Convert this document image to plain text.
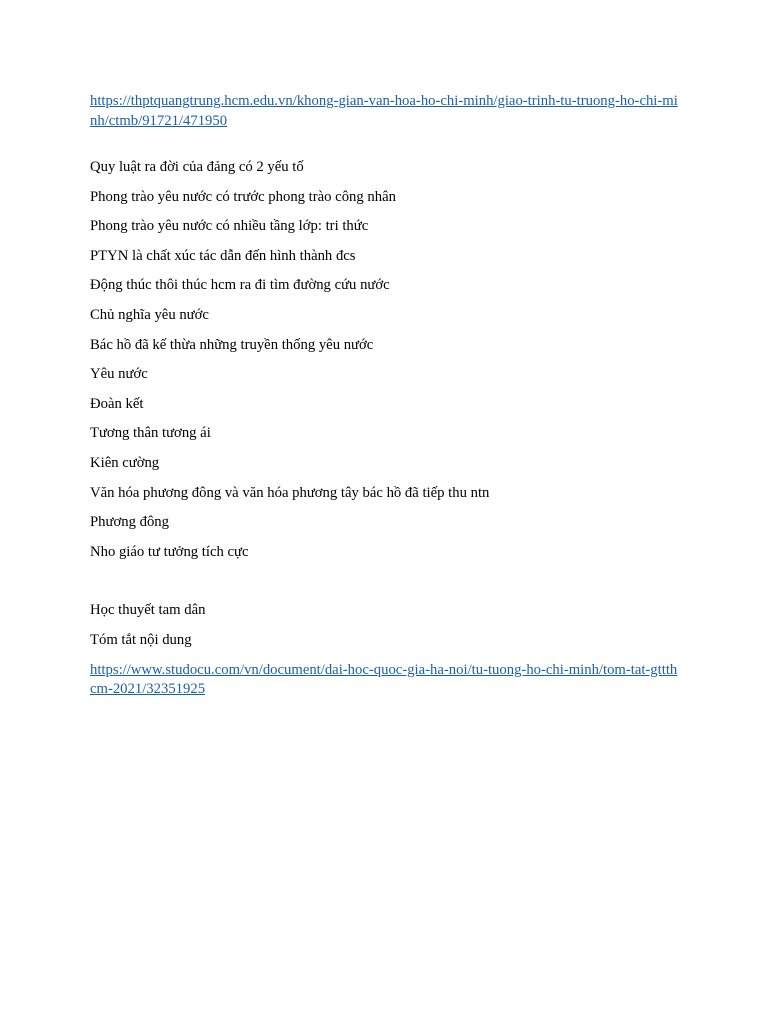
https://thptquangtrung.hcm.edu.vn/khong-gian-van-hoa-ho-chi-minh/giao-trinh-tu-truong-ho-chi-minh/ctmb/91721/471950

Quy luật ra đời của đảng có 2 yếu tố

Phong trào yêu nước có trước phong trào công nhân

Phong trào yêu nước có nhiều tầng lớp: tri thức

PTYN là chất xúc tác dẫn đến hình thành đcs

Động thúc thôi thúc hcm ra đi tìm đường cứu nước

Chủ nghĩa yêu nước

Bác hồ đã kế thừa những truyền thống yêu nước

Yêu nước

Đoàn kết

Tương thân tương ái

Kiên cường

Văn hóa phương đông và văn hóa phương tây bác hồ đã tiếp thu ntn

Phương đông

Nho giáo tư tưởng tích cực

Học thuyết tam dân

Tóm tắt nội dung

https://www.studocu.com/vn/document/dai-hoc-quoc-gia-ha-noi/tu-tuong-ho-chi-minh/tom-tat-gttthcm-2021/32351925
